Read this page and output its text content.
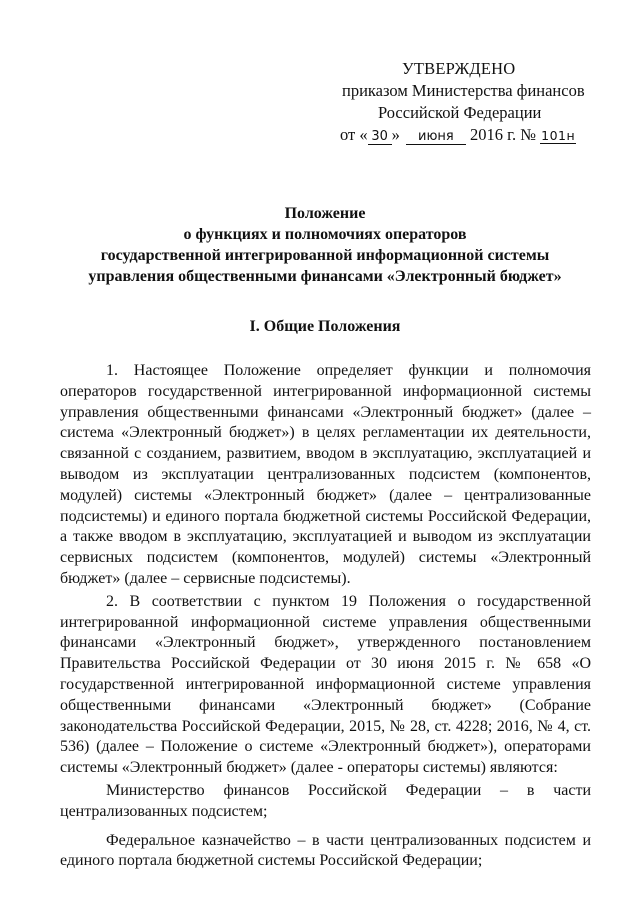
УТВЕРЖДЕНО
приказом Министерства финансов
Российской Федерации
от « 30 » июня 2016 г. № 101н
Положение
о функциях и полномочиях операторов
государственной интегрированной информационной системы
управления общественными финансами «Электронный бюджет»
I. Общие Положения

1. Настоящее Положение определяет функции и полномочия операторов государственной интегрированной информационной системы управления общественными финансами «Электронный бюджет» (далее – система «Электронный бюджет») в целях регламентации их деятельности, связанной с созданием, развитием, вводом в эксплуатацию, эксплуатацией и выводом из эксплуатации централизованных подсистем (компонентов, модулей) системы «Электронный бюджет» (далее – централизованные подсистемы) и единого портала бюджетной системы Российской Федерации, а также вводом в эксплуатацию, эксплуатацией и выводом из эксплуатации сервисных подсистем (компонентов, модулей) системы «Электронный бюджет» (далее – сервисные подсистемы).

2. В соответствии с пунктом 19 Положения о государственной интегрированной информационной системе управления общественными финансами «Электронный бюджет», утвержденного постановлением Правительства Российской Федерации от 30 июня 2015 г. № 658 «О государственной интегрированной информационной системе управления общественными финансами «Электронный бюджет» (Собрание законодательства Российской Федерации, 2015, № 28, ст. 4228; 2016, № 4, ст. 536) (далее – Положение о системе «Электронный бюджет»), операторами системы «Электронный бюджет» (далее - операторы системы) являются:

Министерство финансов Российской Федерации – в части централизованных подсистем;

Федеральное казначейство – в части централизованных подсистем и единого портала бюджетной системы Российской Федерации;
